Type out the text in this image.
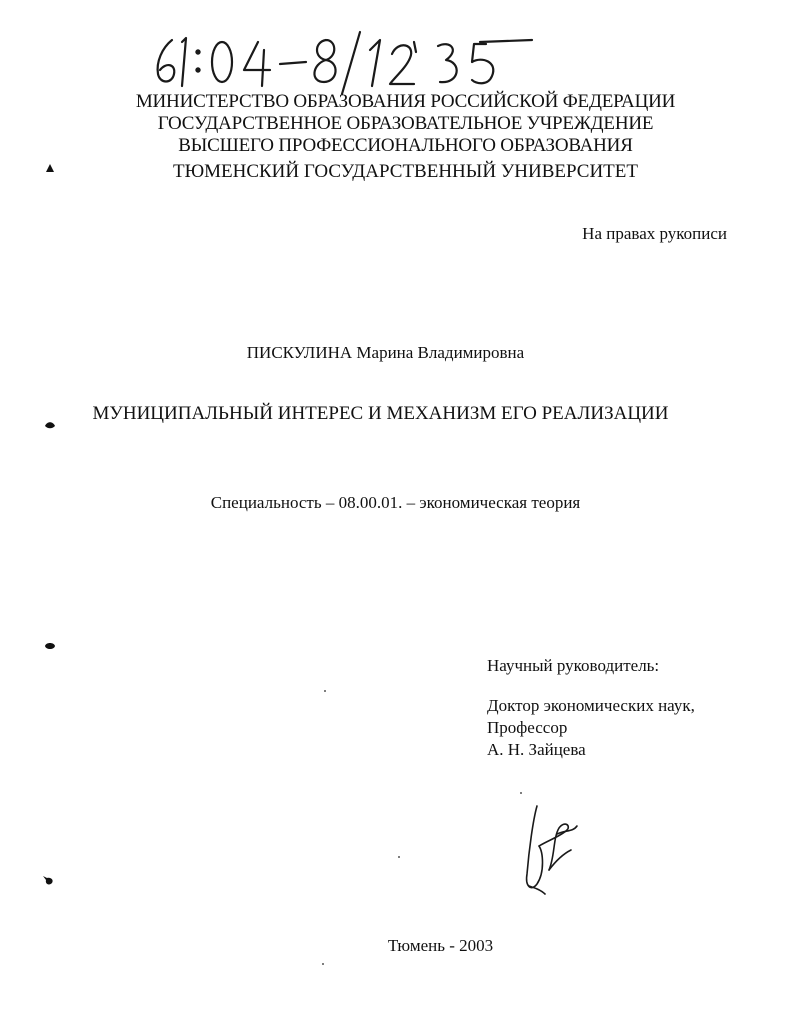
МИНИСТЕРСТВО ОБРАЗОВАНИЯ РОССИЙСКОЙ ФЕДЕРАЦИИ
ГОСУДАРСТВЕННОЕ ОБРАЗОВАТЕЛЬНОЕ УЧРЕЖДЕНИЕ
ВЫСШЕГО ПРОФЕССИОНАЛЬНОГО ОБРАЗОВАНИЯ
ТЮМЕНСКИЙ ГОСУДАРСТВЕННЫЙ УНИВЕРСИТЕТ
На правах рукописи
ПИСКУЛИНА Марина Владимировна
МУНИЦИПАЛЬНЫЙ ИНТЕРЕС И МЕХАНИЗМ ЕГО РЕАЛИЗАЦИИ
Специальность – 08.00.01. – экономическая теория
Научный руководитель:
Доктор экономических наук,
Профессор
А. Н. Зайцева
Тюмень - 2003
